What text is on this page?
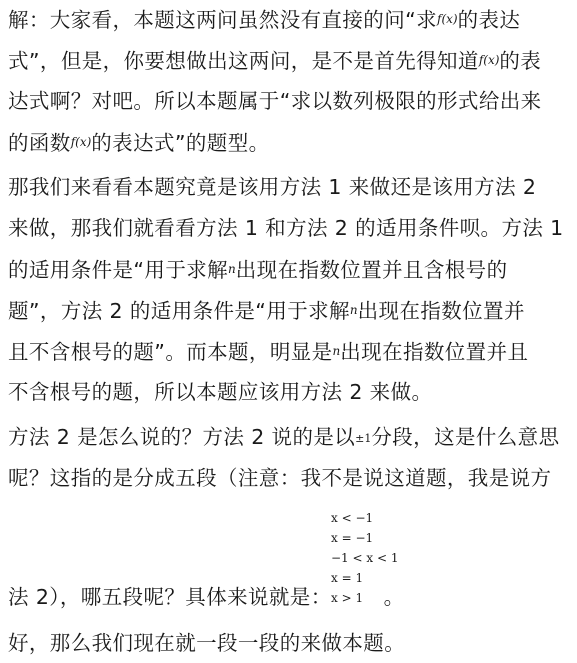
解：大家看，本题这两问虽然没有直接的问“求f(x)的表达
式”，但是，你要想做出这两问，是不是首先得知道f(x)的表
达式啊？对吧。所以本题属于“求以数列极限的形式给出来
的函数f(x)的表达式”的题型。
那我们来看看本题究竟是该用方法 1 来做还是该用方法 2
来做，那我们就看看方法 1 和方法 2 的适用条件呗。方法 1
的适用条件是“用于求解n出现在指数位置并且含根号的
题”，方法 2 的适用条件是“用于求解n出现在指数位置并
且不含根号的题”。而本题，明显是n出现在指数位置并且
不含根号的题，所以本题应该用方法 2 来做。
方法 2 是怎么说的？方法 2 说的是以±1分段，这是什么意思
呢？这指的是分成五段（注意：我不是说这道题，我是说方
法 2），哪五段呢？具体来说就是：	。
好，那么我们现在就一段一段的来做本题。
x < −1
x = −1
−1 < x < 1
x = 1
x > 1
